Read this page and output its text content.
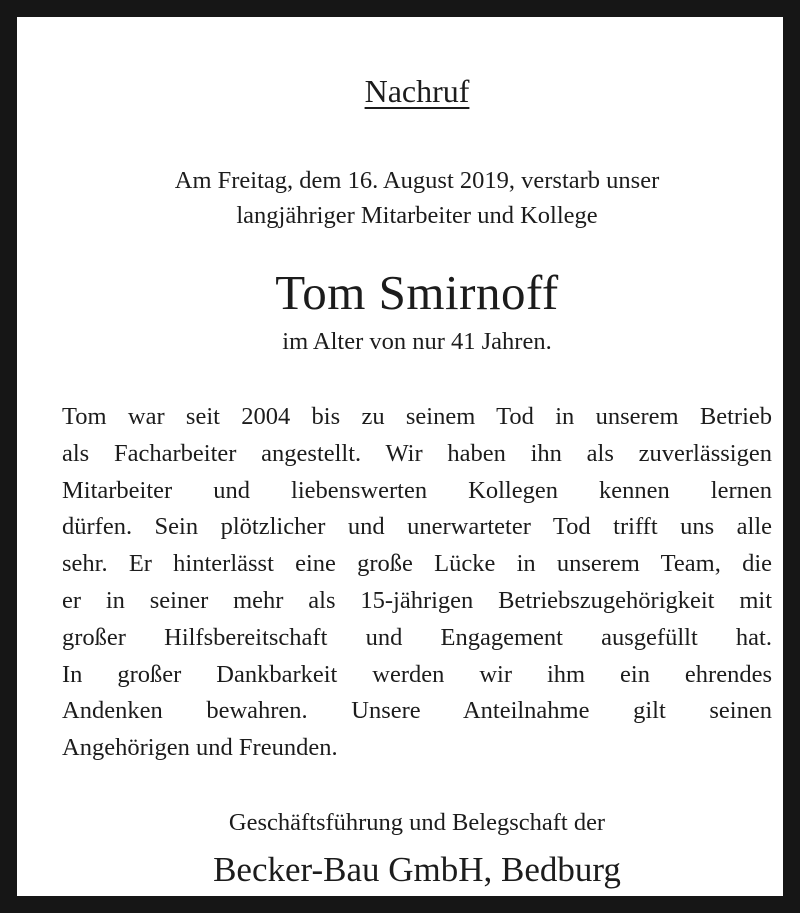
Nachruf
Am Freitag, dem 16. August 2019, verstarb unser
langjähriger Mitarbeiter und Kollege
Tom Smirnoff
im Alter von nur 41 Jahren.
Tom war seit 2004 bis zu seinem Tod in unserem Betrieb
als Facharbeiter angestellt. Wir haben ihn als zuverlässigen
Mitarbeiter und liebenswerten Kollegen kennen lernen
dürfen. Sein plötzlicher und unerwarteter Tod trifft uns alle
sehr. Er hinterlässt eine große Lücke in unserem Team, die
er in seiner mehr als 15-jährigen Betriebszugehörigkeit mit
großer Hilfsbereitschaft und Engagement ausgefüllt hat.
In großer Dankbarkeit werden wir ihm ein ehrendes
Andenken bewahren. Unsere Anteilnahme gilt seinen
Angehörigen und Freunden.
Geschäftsführung und Belegschaft der
Becker-Bau GmbH, Bedburg
